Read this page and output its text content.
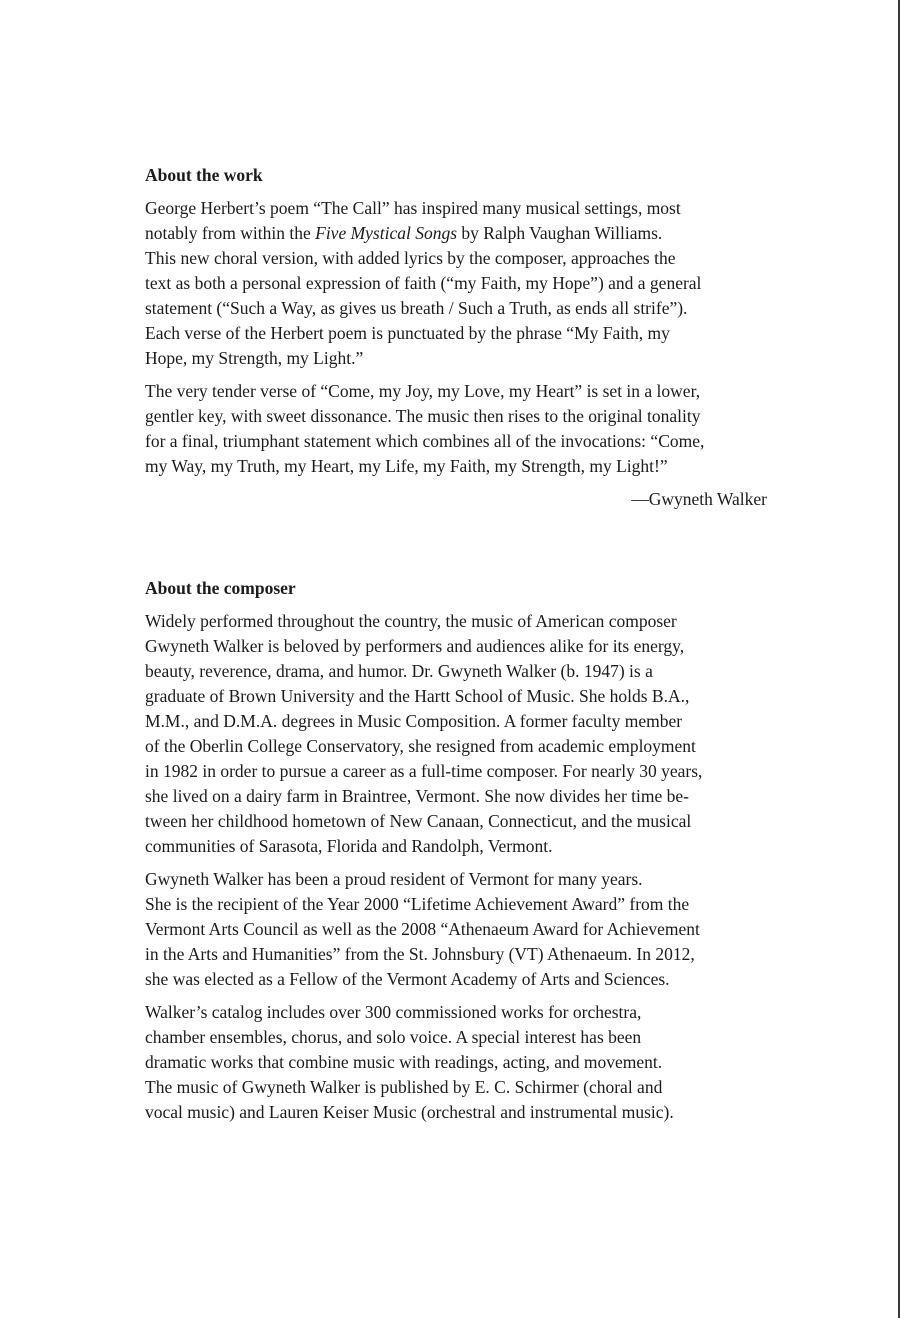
About the work

George Herbert’s poem “The Call” has inspired many musical settings, most
notably from within the Five Mystical Songs by Ralph Vaughan Williams.
This new choral version, with added lyrics by the composer, approaches the
text as both a personal expression of faith (“my Faith, my Hope”) and a general
statement (“Such a Way, as gives us breath / Such a Truth, as ends all strife”).
Each verse of the Herbert poem is punctuated by the phrase “My Faith, my
Hope, my Strength, my Light.”

The very tender verse of “Come, my Joy, my Love, my Heart” is set in a lower,
gentler key, with sweet dissonance. The music then rises to the original tonality
for a final, triumphant statement which combines all of the invocations: “Come,
my Way, my Truth, my Heart, my Life, my Faith, my Strength, my Light!”

—Gwyneth Walker

About the composer

Widely performed throughout the country, the music of American composer
Gwyneth Walker is beloved by performers and audiences alike for its energy,
beauty, reverence, drama, and humor. Dr. Gwyneth Walker (b. 1947) is a
graduate of Brown University and the Hartt School of Music. She holds B.A.,
M.M., and D.M.A. degrees in Music Composition. A former faculty member
of the Oberlin College Conservatory, she resigned from academic employment
in 1982 in order to pursue a career as a full-time composer. For nearly 30 years,
she lived on a dairy farm in Braintree, Vermont. She now divides her time be-
tween her childhood hometown of New Canaan, Connecticut, and the musical
communities of Sarasota, Florida and Randolph, Vermont.

Gwyneth Walker has been a proud resident of Vermont for many years.
She is the recipient of the Year 2000 “Lifetime Achievement Award” from the
Vermont Arts Council as well as the 2008 “Athenaeum Award for Achievement
in the Arts and Humanities” from the St. Johnsbury (VT) Athenaeum. In 2012,
she was elected as a Fellow of the Vermont Academy of Arts and Sciences.

Walker’s catalog includes over 300 commissioned works for orchestra,
chamber ensembles, chorus, and solo voice. A special interest has been
dramatic works that combine music with readings, acting, and movement.
The music of Gwyneth Walker is published by E. C. Schirmer (choral and
vocal music) and Lauren Keiser Music (orchestral and instrumental music).
